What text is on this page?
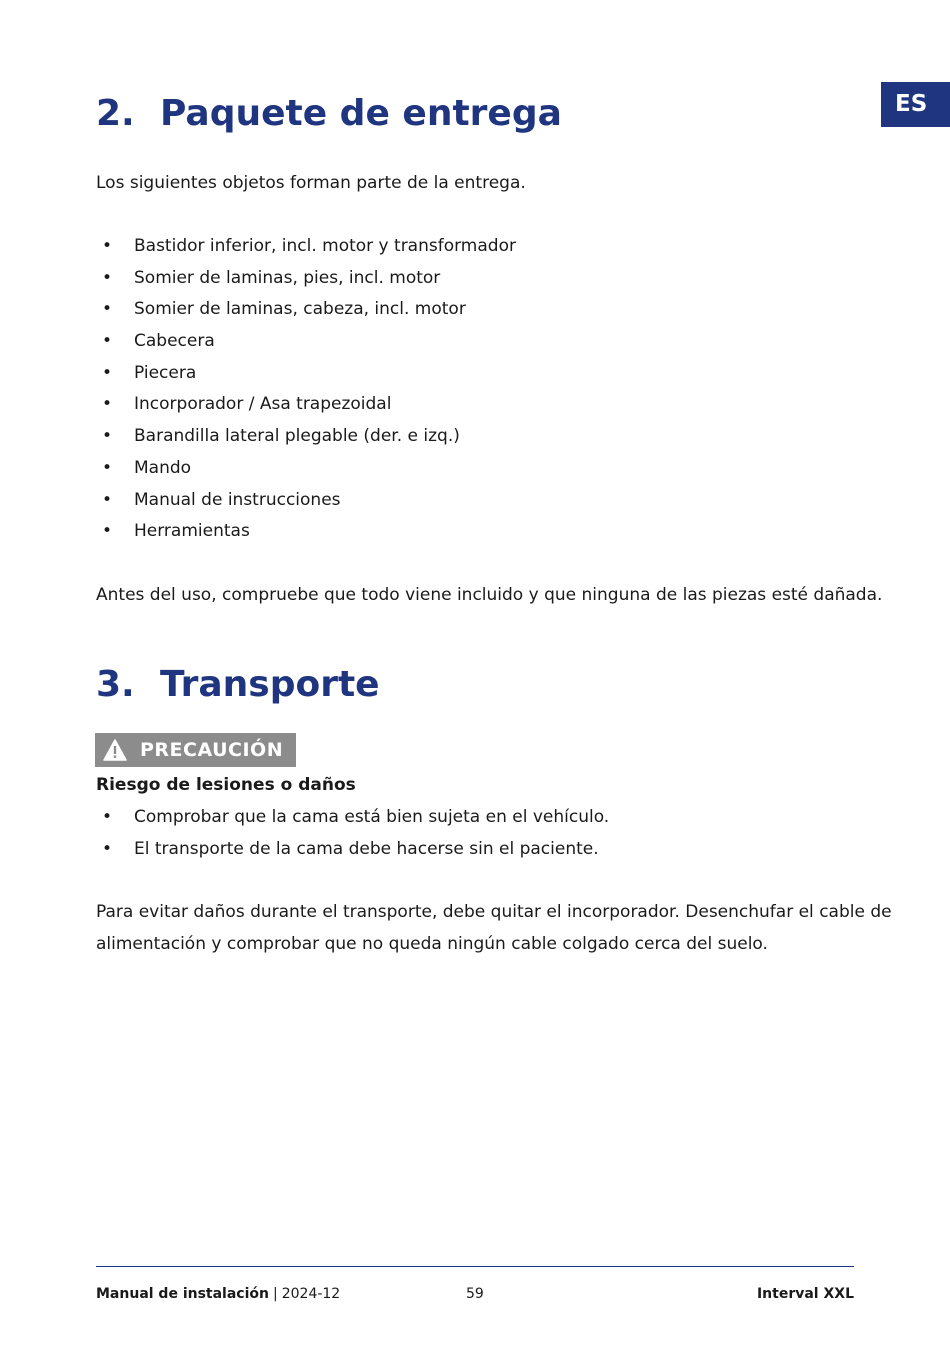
ES
2. Paquete de entrega

Los siguientes objetos forman parte de la entrega.

• Bastidor inferior, incl. motor y transformador
• Somier de laminas, pies, incl. motor
• Somier de laminas, cabeza, incl. motor
• Cabecera
• Piecera
• Incorporador / Asa trapezoidal
• Barandilla lateral plegable (der. e izq.)
• Mando
• Manual de instrucciones
• Herramientas

Antes del uso, compruebe que todo viene incluido y que ninguna de las piezas esté dañada.

3. Transporte
PRECAUCIÓN

Riesgo de lesiones o daños

• Comprobar que la cama está bien sujeta en el vehículo.
• El transporte de la cama debe hacerse sin el paciente.

Para evitar daños durante el transporte, debe quitar el incorporador. Desenchufar el cable de
alimentación y comprobar que no queda ningún cable colgado cerca del suelo.

Manual de instalación | 2024-12	59	Interval XXL
